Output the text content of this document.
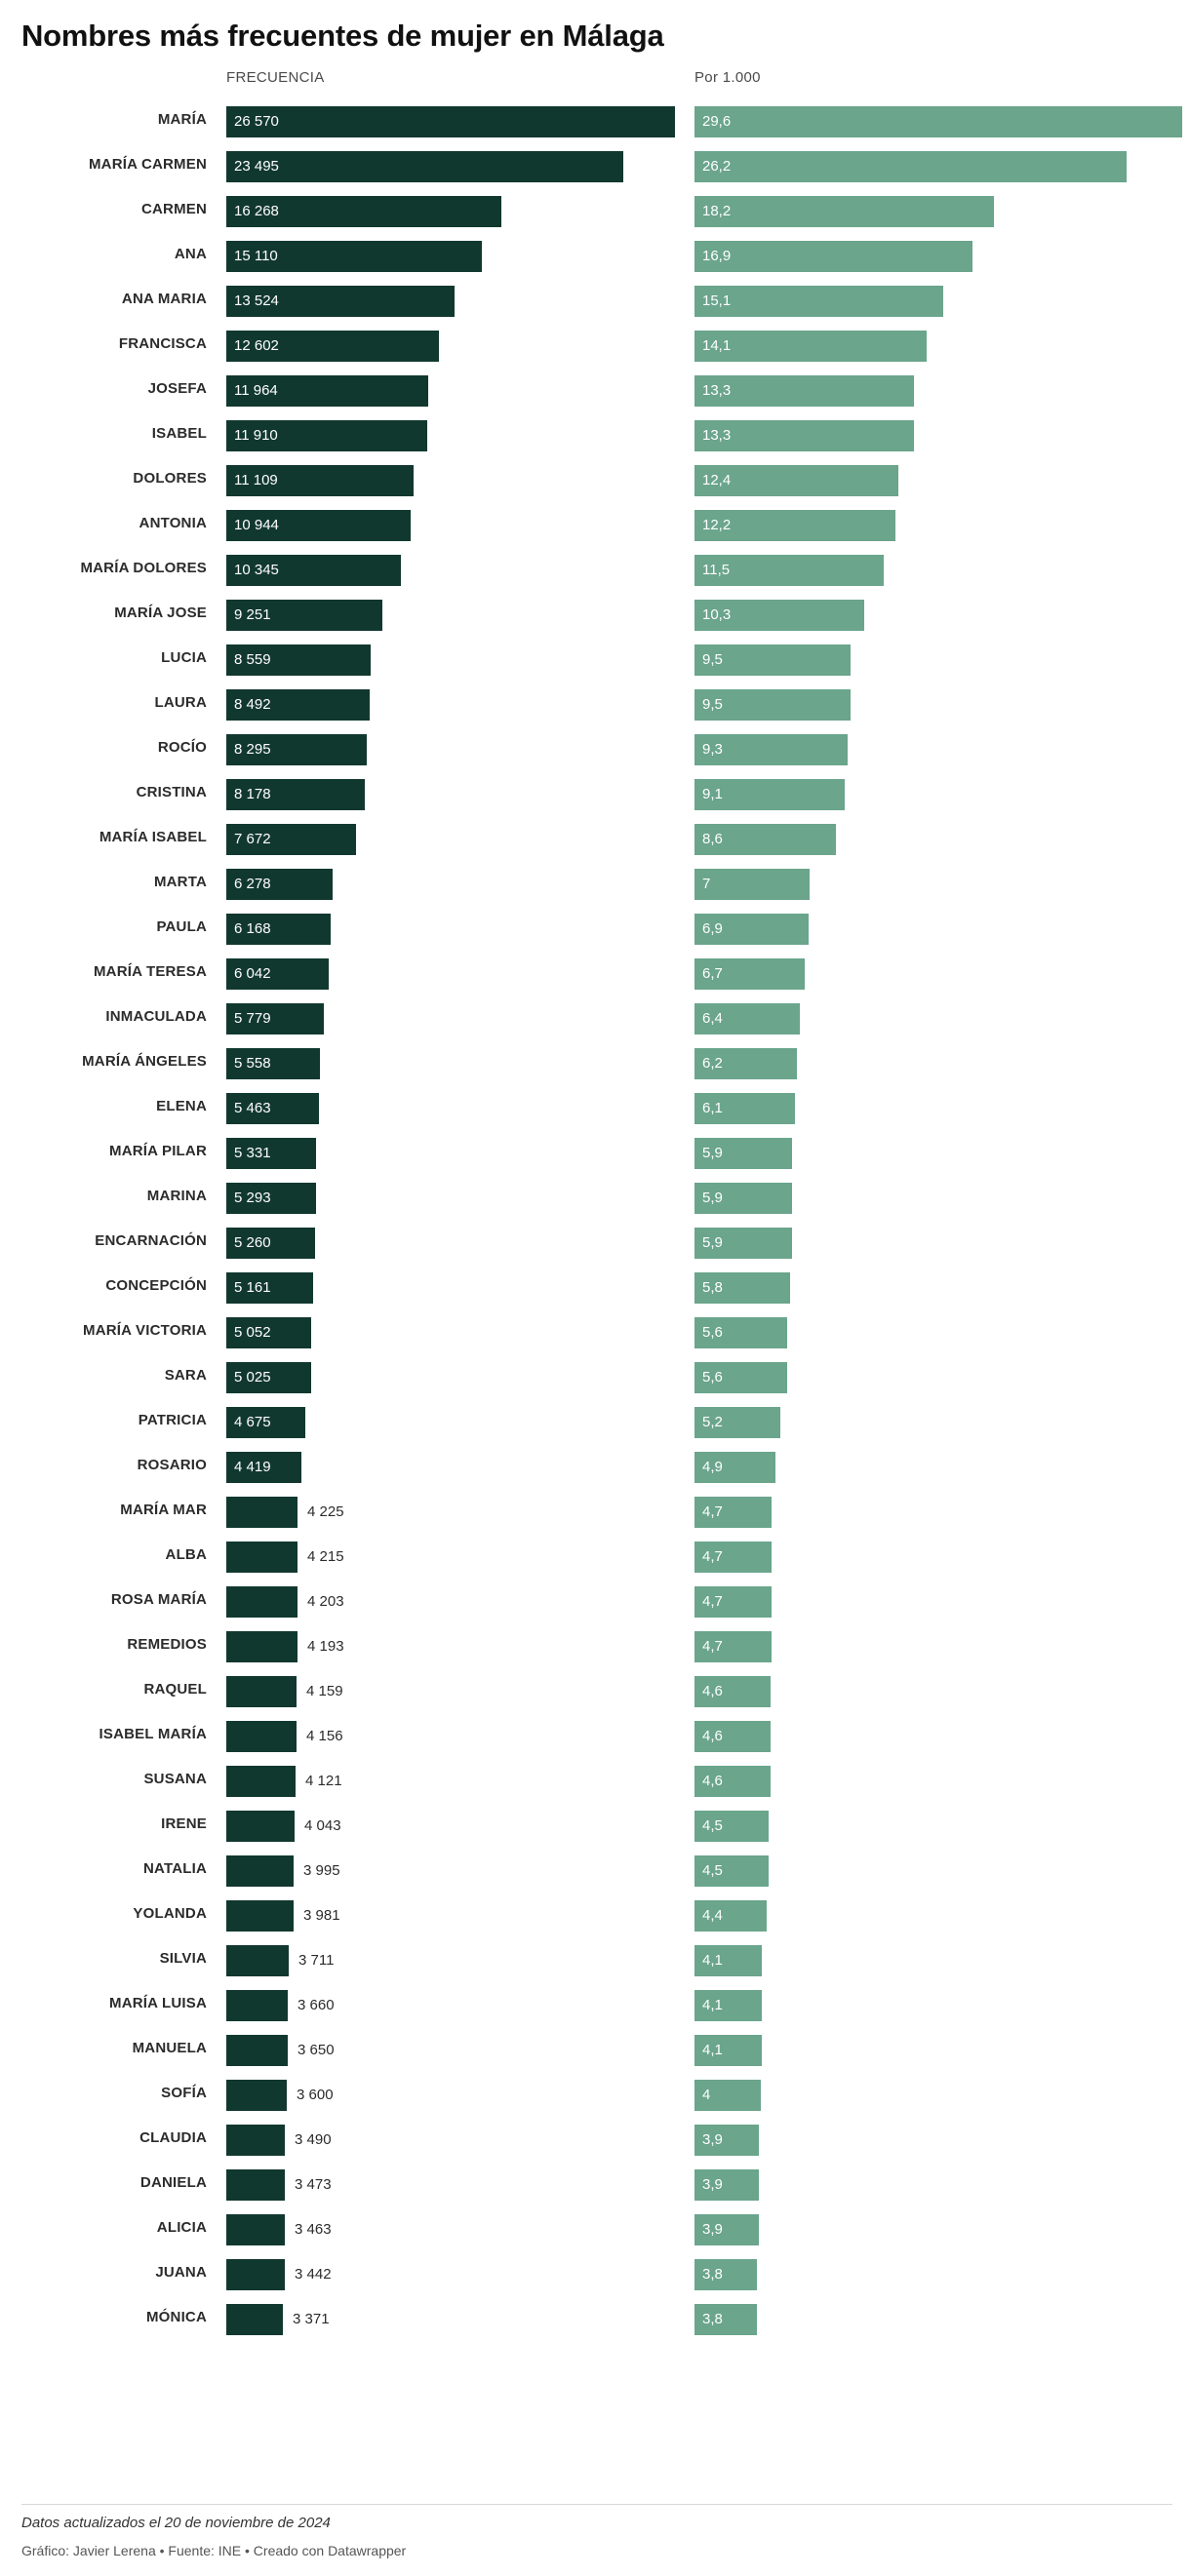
Nombres más frecuentes de mujer en Málaga
FRECUENCIA	Por 1.000
MARÍA 26 570	29,6
MARÍA CARMEN 23 495	26,2
CARMEN 16 268	18,2
ANA 15 110	16,9
ANA MARIA 13 524	15,1
FRANCISCA 12 602	14,1
JOSEFA 11 964	13,3
ISABEL 11 910	13,3
DOLORES 11 109	12,4
ANTONIA 10 944	12,2
MARÍA DOLORES 10 345	11,5
MARÍA JOSE 9 251	10,3
LUCIA 8 559	9,5
LAURA 8 492	9,5
ROCÍO 8 295	9,3
CRISTINA 8 178	9,1
MARÍA ISABEL 7 672	8,6
MARTA 6 278	7
PAULA 6 168	6,9
MARÍA TERESA 6 042	6,7
INMACULADA 5 779	6,4
MARÍA ÁNGELES 5 558	6,2
ELENA 5 463	6,1
MARÍA PILAR 5 331	5,9
MARINA 5 293	5,9
ENCARNACIÓN 5 260	5,9
CONCEPCIÓN 5 161	5,8
MARÍA VICTORIA 5 052	5,6
SARA 5 025	5,6
PATRICIA 4 675	5,2
ROSARIO 4 419	4,9
MARÍA MAR	4 225	4,7
ALBA	4 215	4,7
ROSA MARÍA	4 203	4,7
REMEDIOS	4 193	4,7
RAQUEL	4 159	4,6
ISABEL MARÍA	4 156	4,6
SUSANA	4 121	4,6
IRENE	4 043	4,5
NATALIA	3 995	4,5
YOLANDA	3 981	4,4
SILVIA	3 711	4,1
MARÍA LUISA	3 660	4,1
MANUELA	3 650	4,1
SOFÍA	3 600	4
CLAUDIA	3 490	3,9
DANIELA	3 473	3,9
ALICIA	3 463	3,9
JUANA	3 442	3,8
MÓNICA	3 371	3,8
Datos actualizados el 20 de noviembre de 2024
Gráfico: Javier Lerena • Fuente: INE • Creado con Datawrapper
